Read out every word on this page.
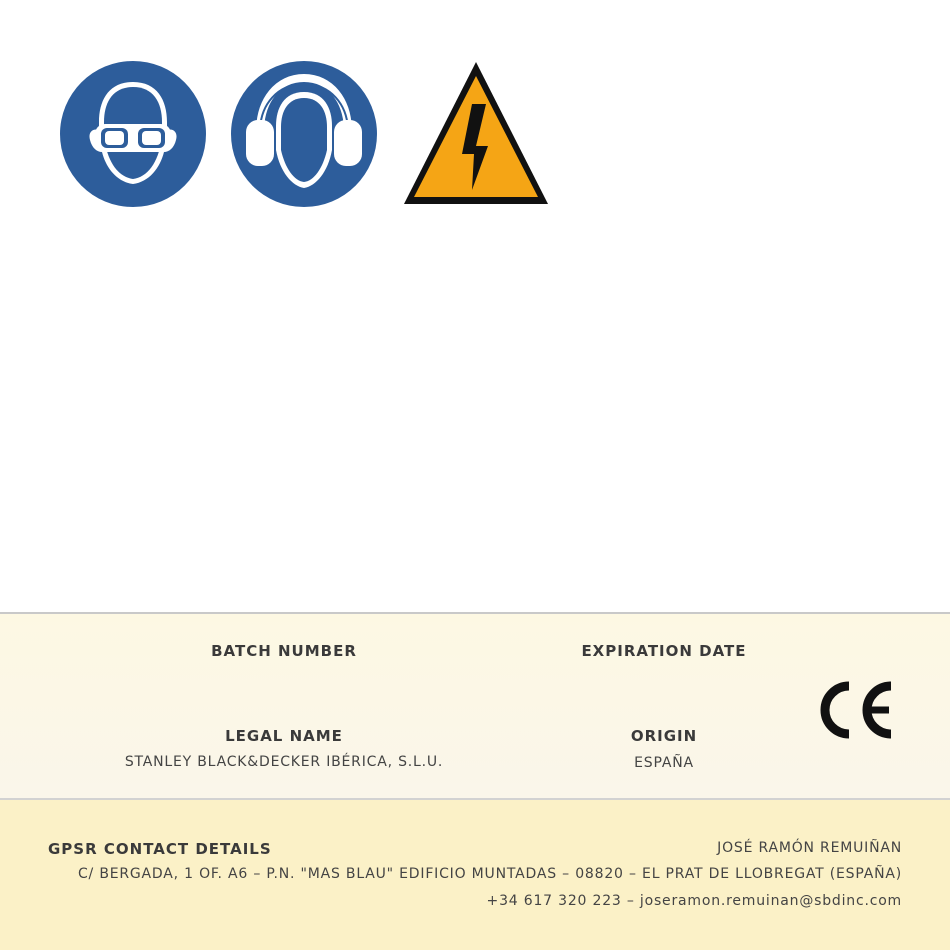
BATCH NUMBER	EXPIRATION DATE
LEGAL NAME
STANLEY BLACK&DECKER IBÉRICA, S.L.U.
ORIGIN
ESPAÑA
GPSR CONTACT DETAILS	JOSÉ RAMÓN REMUIÑAN
C/ BERGADA, 1 OF. A6 – P.N. "MAS BLAU" EDIFICIO MUNTADAS – 08820 – EL PRAT DE LLOBREGAT (ESPAÑA)
+34 617 320 223 – joseramon.remuinan@sbdinc.com
